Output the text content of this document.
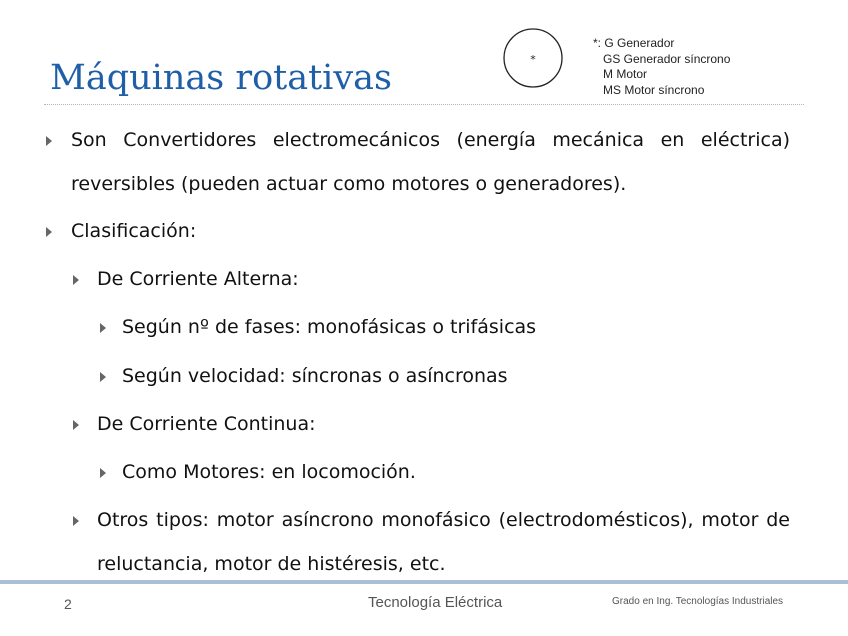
Máquinas rotativas	*
*: G Generador
GS Generador síncrono
M Motor
MS Motor síncrono
Son Convertidores electromecánicos (energía mecánica en eléctrica)
reversibles (pueden actuar como motores o generadores).
Clasificación:
De Corriente Alterna:
Según nº de fases: monofásicas o trifásicas
Según velocidad: síncronas o asíncronas
De Corriente Continua:
Como Motores: en locomoción.
Otros tipos: motor asíncrono monofásico (electrodomésticos), motor de
reluctancia, motor de histéresis, etc.
2	Tecnología Eléctrica	Grado en Ing. Tecnologías Industriales
